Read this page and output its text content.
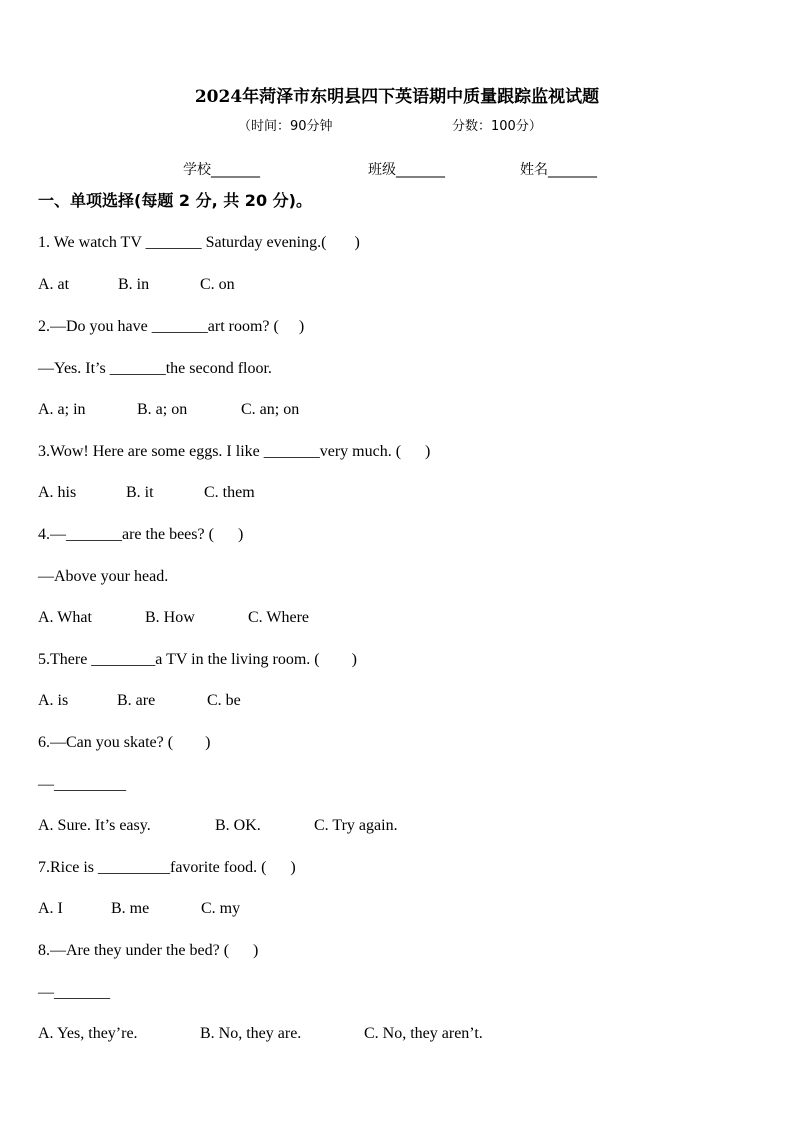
2024年菏泽市东明县四下英语期中质量跟踪监视试题
（时间：90分钟	分数：100分）
学校_______	班级_______	姓名_______
一、单项选择(每题 2 分, 共 20 分)。
1. We watch TV _______ Saturday evening.(       )
A. at	B. in	C. on
2.—Do you have _______art room? (     )
—Yes. It’s _______the second floor.
A. a; in	B. a; on	C. an; on
3.Wow! Here are some eggs. I like _______very much. (      )
A. his	B. it	C. them
4.—_______are the bees? (      )
—Above your head.
A. What	B. How	C. Where
5.There ________a TV in the living room. (        )
A. is	B. are	C. be
6.—Can you skate? (        )
—_________
A. Sure. It’s easy.	B. OK.	C. Try again.
7.Rice is _________favorite food. (      )
A. I	B. me	C. my
8.—Are they under the bed? (      )
—_______
A. Yes, they’re.	B. No, they are.	C. No, they aren’t.
